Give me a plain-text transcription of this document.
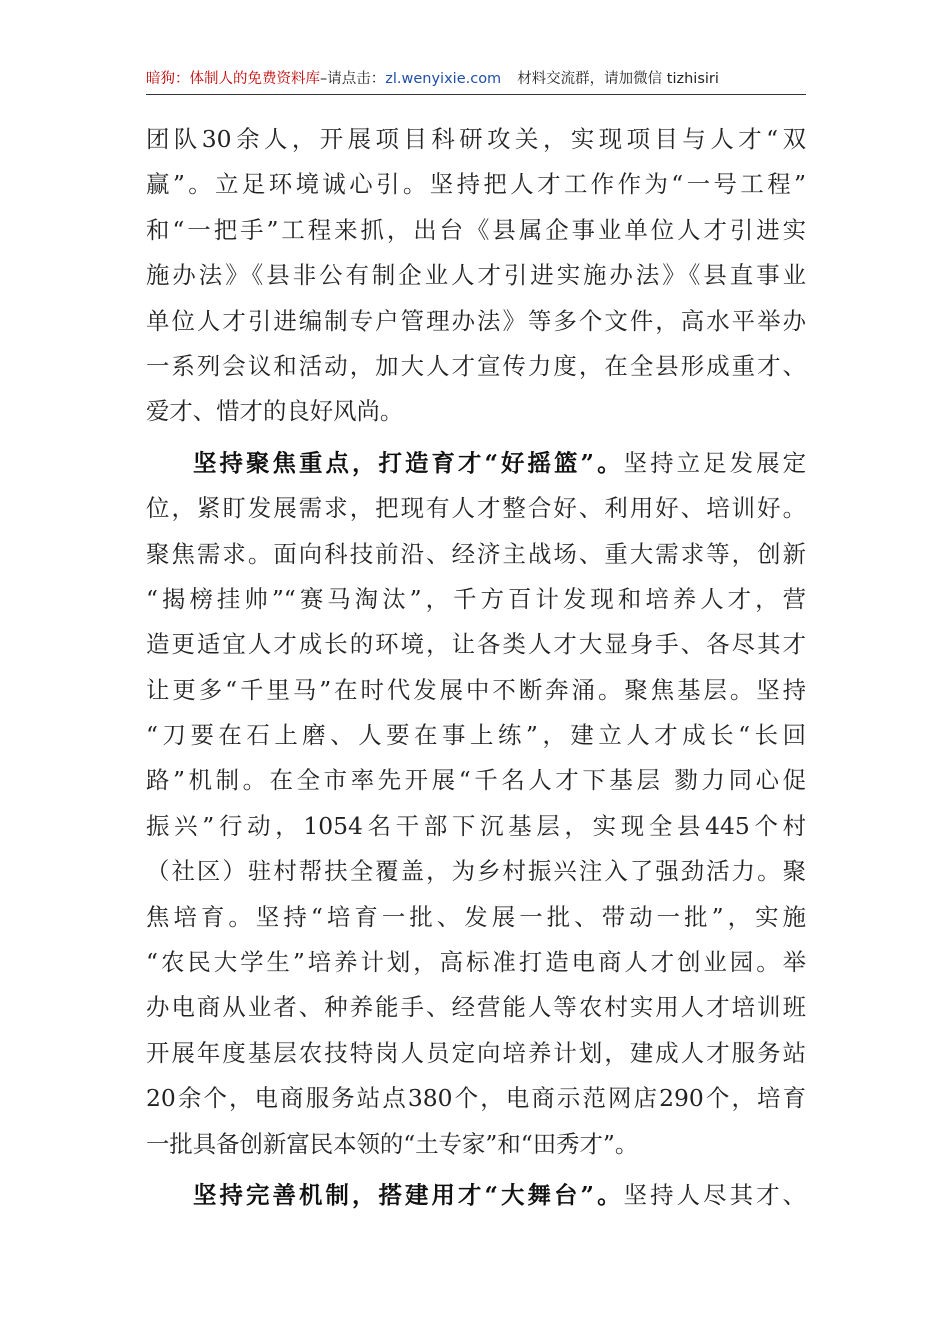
暗狗：体制人的免费资料库–请点击：zl.wenyixie.com 材料交流群，请加微信 tizhisiri
团队30余人，开展项目科研攻关，实现项目与人才“双
赢”。立足环境诚心引。坚持把人才工作作为“一号工程”
和“一把手”工程来抓，出台《县属企事业单位人才引进实
施办法》《县非公有制企业人才引进实施办法》《县直事业
单位人才引进编制专户管理办法》等多个文件，高水平举办
一系列会议和活动，加大人才宣传力度，在全县形成重才、
爱才、惜才的良好风尚。
坚持聚焦重点，打造育才“好摇篮”。坚持立足发展定
位，紧盯发展需求，把现有人才整合好、利用好、培训好。
聚焦需求。面向科技前沿、经济主战场、重大需求等，创新
“揭榜挂帅”“赛马淘汰”，千方百计发现和培养人才，营
造更适宜人才成长的环境，让各类人才大显身手、各尽其才
让更多“千里马”在时代发展中不断奔涌。聚焦基层。坚持
“刀要在石上磨、人要在事上练”，建立人才成长“长回
路”机制。在全市率先开展“千名人才下基层 勠力同心促
振兴”行动，1054名干部下沉基层，实现全县445个村
（社区）驻村帮扶全覆盖，为乡村振兴注入了强劲活力。聚
焦培育。坚持“培育一批、发展一批、带动一批”，实施
“农民大学生”培养计划，高标准打造电商人才创业园。举
办电商从业者、种养能手、经营能人等农村实用人才培训班
开展年度基层农技特岗人员定向培养计划，建成人才服务站
20余个，电商服务站点380个，电商示范网店290个，培育
一批具备创新富民本领的“土专家”和“田秀才”。
坚持完善机制，搭建用才“大舞台”。坚持人尽其才、
